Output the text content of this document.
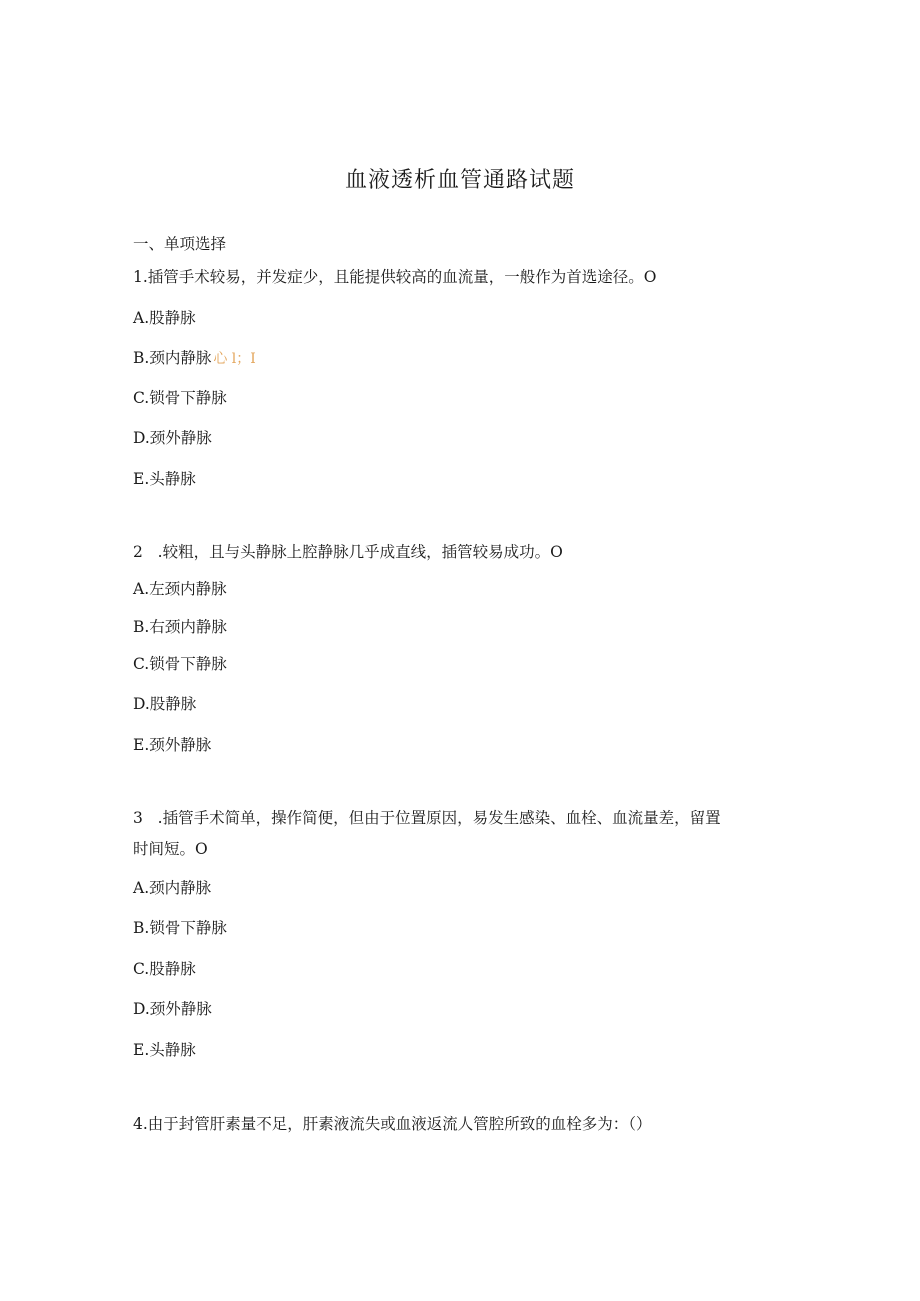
血液透析血管通路试题
一、单项选择
1.插管手术较易，并发症少，且能提供较高的血流量，一般作为首选途径。O
A.股静脉
B.颈内静脉 心 l；I
C.锁骨下静脉
D.颈外静脉
E.头静脉
2   .较粗，且与头静脉上腔静脉几乎成直线，插管较易成功。O
A.左颈内静脉
B.右颈内静脉
C.锁骨下静脉
D.股静脉
E.颈外静脉
3   .插管手术简单，操作简便，但由于位置原因，易发生感染、血栓、血流量差，留置
时间短。O
A.颈内静脉
B.锁骨下静脉
C.股静脉
D.颈外静脉
E.头静脉
4.由于封管肝素量不足，肝素液流失或血液返流人管腔所致的血栓多为：（）
